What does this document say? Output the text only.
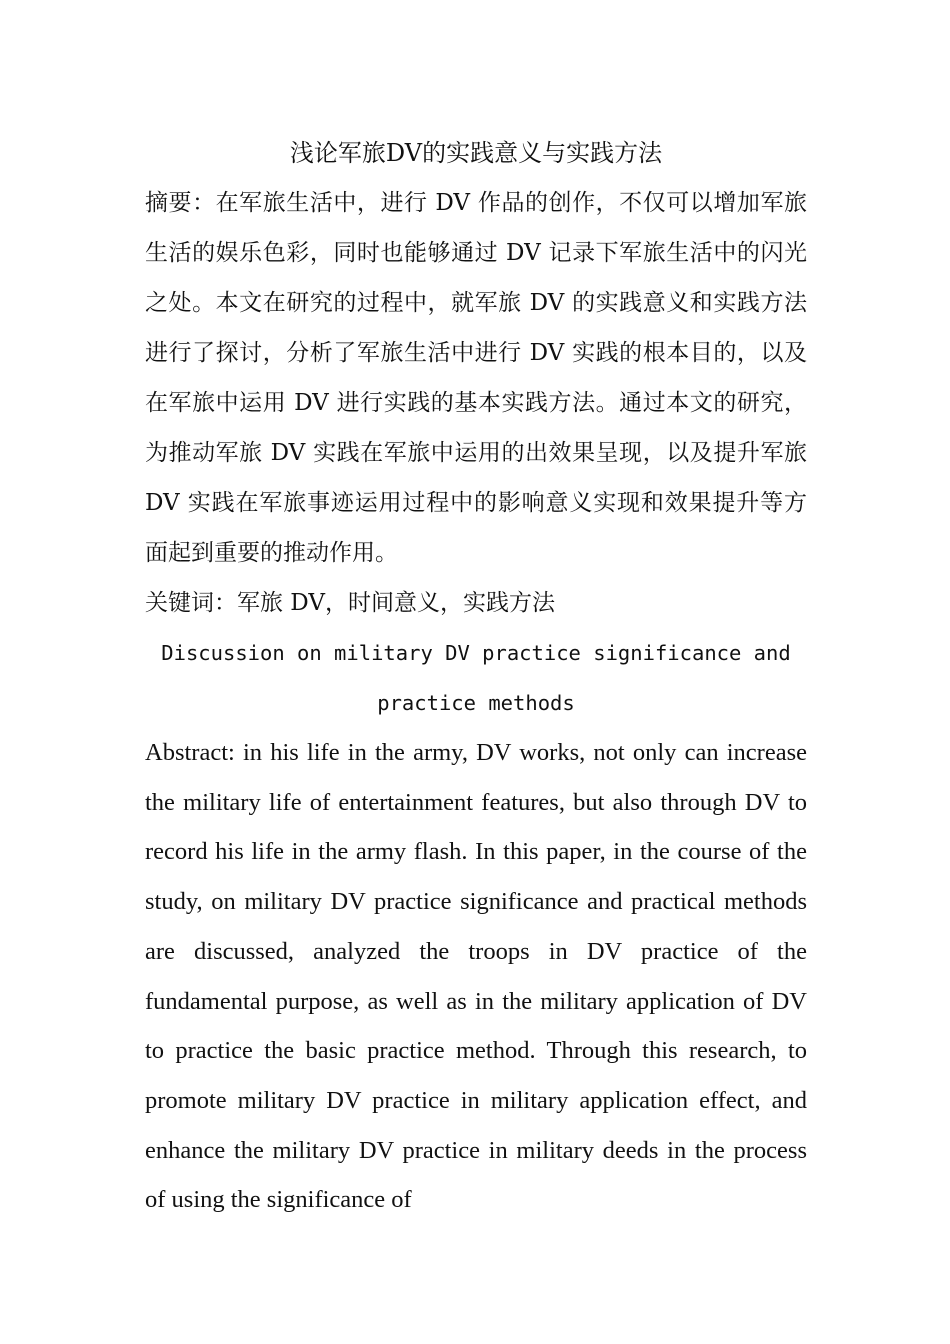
浅论军旅DV的实践意义与实践方法

摘要：在军旅生活中，进行 DV 作品的创作，不仅可以增加军旅生活的娱乐色彩，同时也能够通过 DV 记录下军旅生活中的闪光之处。本文在研究的过程中，就军旅 DV 的实践意义和实践方法进行了探讨，分析了军旅生活中进行 DV 实践的根本目的，以及在军旅中运用 DV 进行实践的基本实践方法。通过本文的研究，为推动军旅 DV 实践在军旅中运用的出效果呈现，以及提升军旅 DV 实践在军旅事迹运用过程中的影响意义实现和效果提升等方面起到重要的推动作用。

关键词：军旅 DV，时间意义，实践方法

Discussion on military DV practice significance and practice methods

Abstract: in his life in the army, DV works, not only can increase the military life of entertainment features, but also through DV to record his life in the army flash. In this paper, in the course of the study, on military DV practice significance and practical methods are discussed, analyzed the troops in DV practice of the fundamental purpose, as well as in the military application of DV to practice the basic practice method. Through this research, to promote military DV practice in military application effect, and enhance the military DV practice in military deeds in the process of using the significance of
